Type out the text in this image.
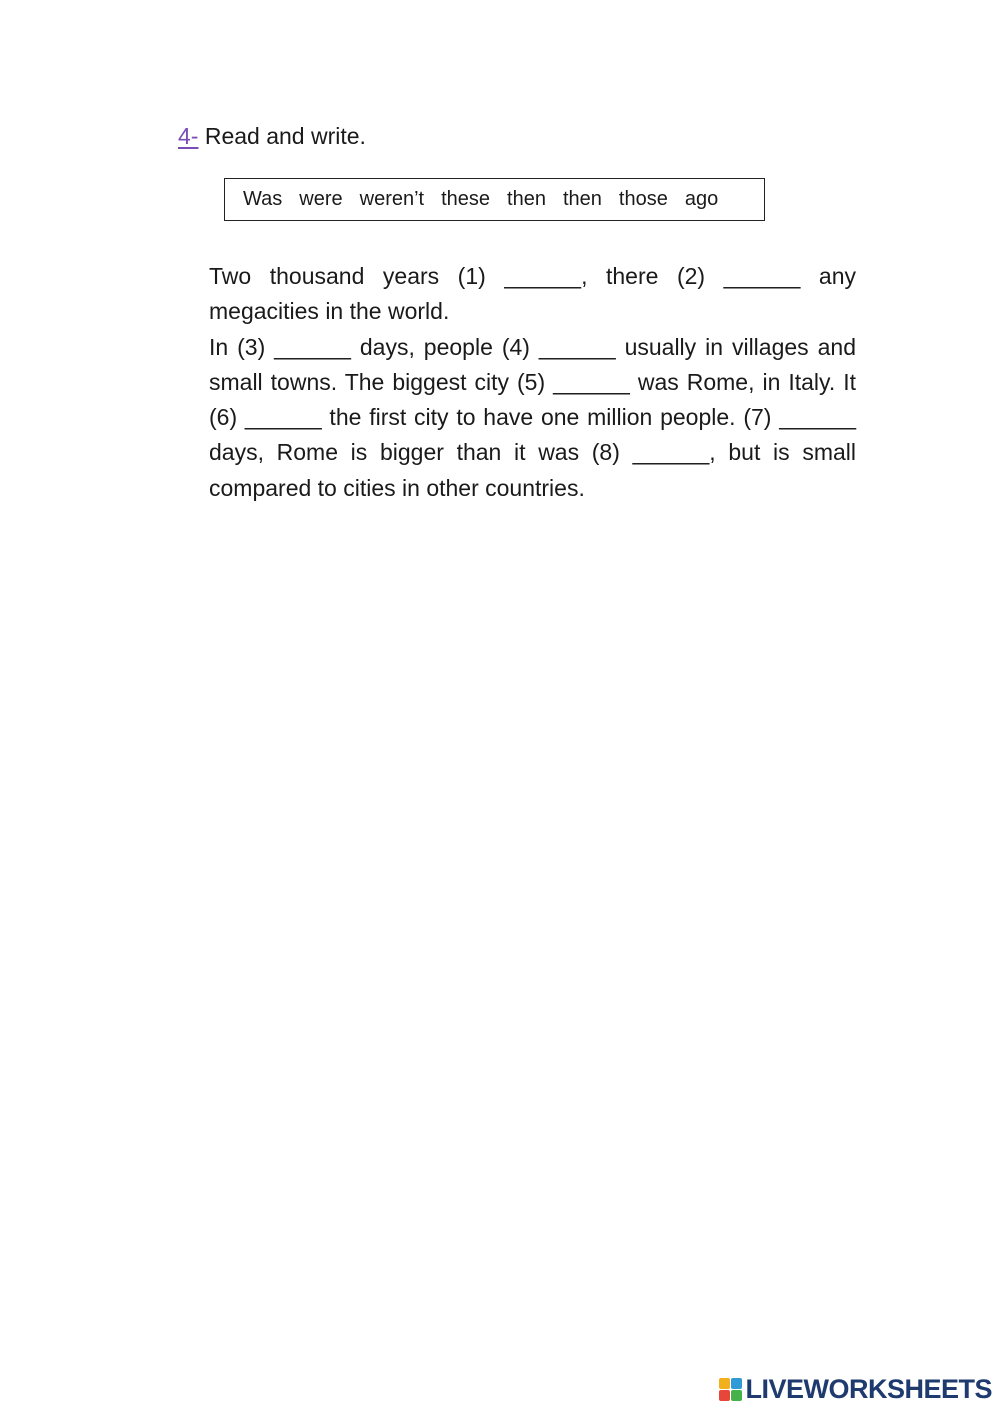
4- Read and write.
Was were weren’t these then then those ago

Two thousand years (1) ______, there (2) ______ any megacities in the world.

In (3) ______ days, people (4) ______ usually in villages and small towns. The biggest city (5) ______ was Rome, in Italy. It (6) ______ the first city to have one million people. (7) ______ days, Rome is bigger than it was (8) ______, but is small compared to cities in other countries.

LIVEWORKSHEETS
